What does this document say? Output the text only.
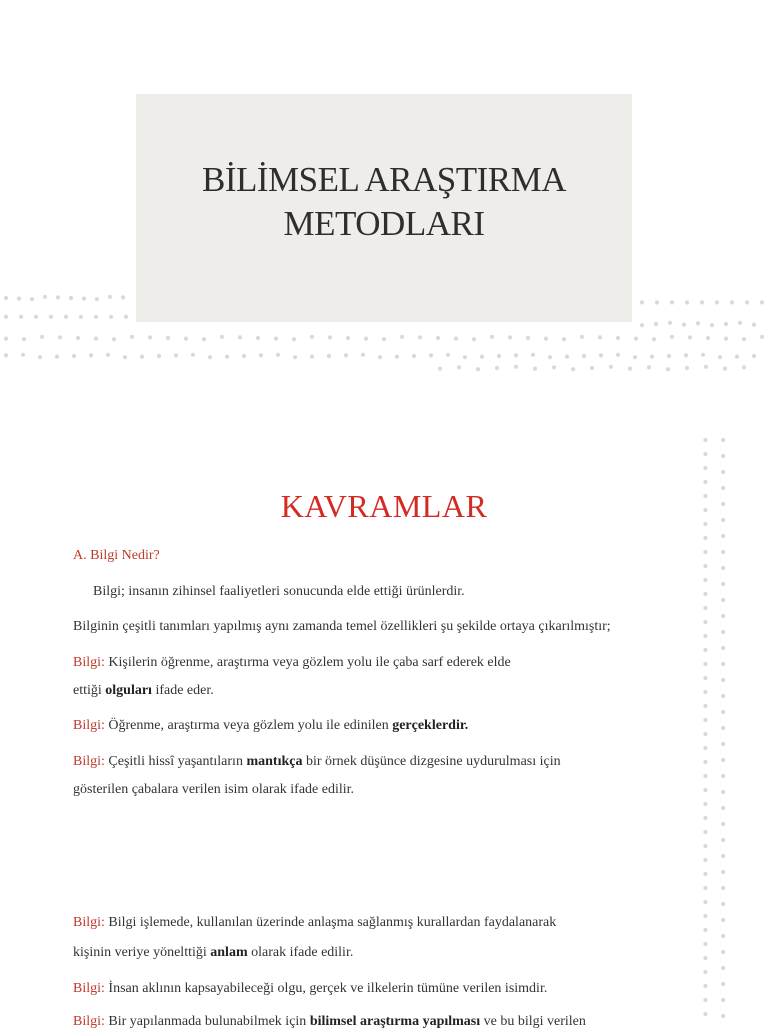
BİLİMSEL ARAŞTIRMA
METODLARI
KAVRAMLAR
A. Bilgi Nedir?
Bilgi; insanın zihinsel faaliyetleri sonucunda elde ettiği ürünlerdir.
Bilginin çeşitli tanımları yapılmış aynı zamanda temel özellikleri şu şekilde ortaya çıkarılmıştır;
Bilgi: Kişilerin öğrenme, araştırma veya gözlem yolu ile çaba sarf ederek elde
ettiği olguları ifade eder.
Bilgi: Öğrenme, araştırma veya gözlem yolu ile edinilen gerçeklerdir.
Bilgi: Çeşitli hissî yaşantıların mantıkça bir örnek düşünce dizgesine uydurulması için
gösterilen çabalara verilen isim olarak ifade edilir.
Bilgi: Bilgi işlemede, kullanılan üzerinde anlaşma sağlanmış kurallardan faydalanarak
kişinin veriye yönelttiği anlam olarak ifade edilir.
Bilgi: İnsan aklının kapsayabileceği olgu, gerçek ve ilkelerin tümüne verilen isimdir.
Bilgi: Bir yapılanmada bulunabilmek için bilimsel araştırma yapılması ve bu bilgi verilen
